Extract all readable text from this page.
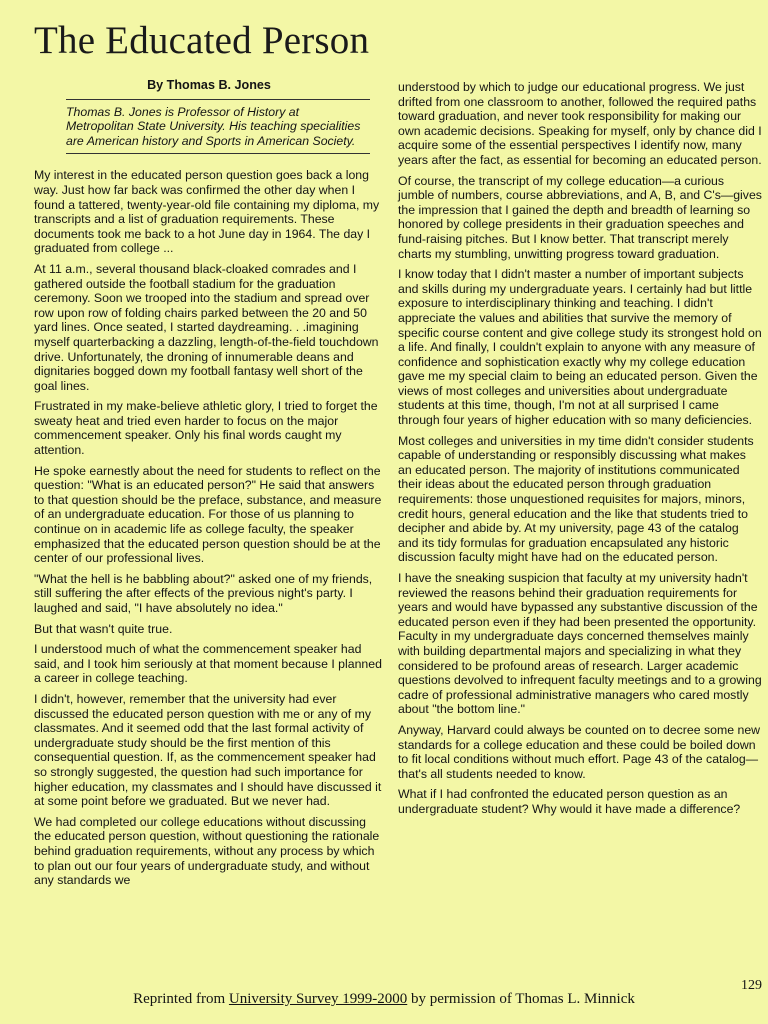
The Educated Person
By Thomas B. Jones
Thomas B. Jones is Professor of History at Metropolitan State University. His teaching specialities are American history and Sports in American Society.

My interest in the educated person question goes back a long way. Just how far back was confirmed the other day when I found a tattered, twenty-year-old file containing my diploma, my transcripts and a list of graduation requirements. These documents took me back to a hot June day in 1964. The day I graduated from college ...

At 11 a.m., several thousand black-cloaked comrades and I gathered outside the football stadium for the graduation ceremony. Soon we trooped into the stadium and spread over row upon row of folding chairs parked between the 20 and 50 yard lines. Once seated, I started daydreaming. . .imagining myself quarterbacking a dazzling, length-of-the-field touchdown drive. Unfortunately, the droning of innumerable deans and dignitaries bogged down my football fantasy well short of the goal lines.

Frustrated in my make-believe athletic glory, I tried to forget the sweaty heat and tried even harder to focus on the major commencement speaker. Only his final words caught my attention.

He spoke earnestly about the need for students to reflect on the question: "What is an educated person?" He said that answers to that question should be the preface, substance, and measure of an undergraduate education. For those of us planning to continue on in academic life as college faculty, the speaker emphasized that the educated person question should be at the center of our professional lives.

"What the hell is he babbling about?" asked one of my friends, still suffering the after effects of the previous night's party. I laughed and said, "I have absolutely no idea."

But that wasn't quite true.

I understood much of what the commencement speaker had said, and I took him seriously at that moment because I planned a career in college teaching.

I didn't, however, remember that the university had ever discussed the educated person question with me or any of my classmates. And it seemed odd that the last formal activity of undergraduate study should be the first mention of this consequential question. If, as the commencement speaker had so strongly suggested, the question had such importance for higher education, my classmates and I should have discussed it at some point before we graduated. But we never had.

We had completed our college educations without discussing the educated person question, without questioning the rationale behind graduation requirements, without any process by which to plan out our four years of undergraduate study, and without any standards we

understood by which to judge our educational progress. We just drifted from one classroom to another, followed the required paths toward graduation, and never took responsibility for making our own academic decisions. Speaking for myself, only by chance did I acquire some of the essential perspectives I identify now, many years after the fact, as essential for becoming an educated person.

Of course, the transcript of my college education—a curious jumble of numbers, course abbreviations, and A, B, and C's—gives the impression that I gained the depth and breadth of learning so honored by college presidents in their graduation speeches and fund-raising pitches. But I know better. That transcript merely charts my stumbling, unwitting progress toward graduation.

I know today that I didn't master a number of important subjects and skills during my undergraduate years. I certainly had but little exposure to interdisciplinary thinking and teaching. I didn't appreciate the values and abilities that survive the memory of specific course content and give college study its strongest hold on a life. And finally, I couldn't explain to anyone with any measure of confidence and sophistication exactly why my college education gave me my special claim to being an educated person. Given the views of most colleges and universities about undergraduate students at this time, though, I'm not at all surprised I came through four years of higher education with so many deficiencies.

Most colleges and universities in my time didn't consider students capable of understanding or responsibly discussing what makes an educated person. The majority of institutions communicated their ideas about the educated person through graduation requirements: those unquestioned requisites for majors, minors, credit hours, general education and the like that students tried to decipher and abide by. At my university, page 43 of the catalog and its tidy formulas for graduation encapsulated any historic discussion faculty might have had on the educated person.

I have the sneaking suspicion that faculty at my university hadn't reviewed the reasons behind their graduation requirements for years and would have bypassed any substantive discussion of the educated person even if they had been presented the opportunity. Faculty in my undergraduate days concerned themselves mainly with building departmental majors and specializing in what they considered to be profound areas of research. Larger academic questions devolved to infrequent faculty meetings and to a growing cadre of professional administrative managers who cared mostly about "the bottom line."

Anyway, Harvard could always be counted on to decree some new standards for a college education and these could be boiled down to fit local conditions without much effort. Page 43 of the catalog—that's all students needed to know.

What if I had confronted the educated person question as an undergraduate student? Why would it have made a difference?

129
Reprinted from University Survey 1999-2000 by permission of Thomas L. Minnick
